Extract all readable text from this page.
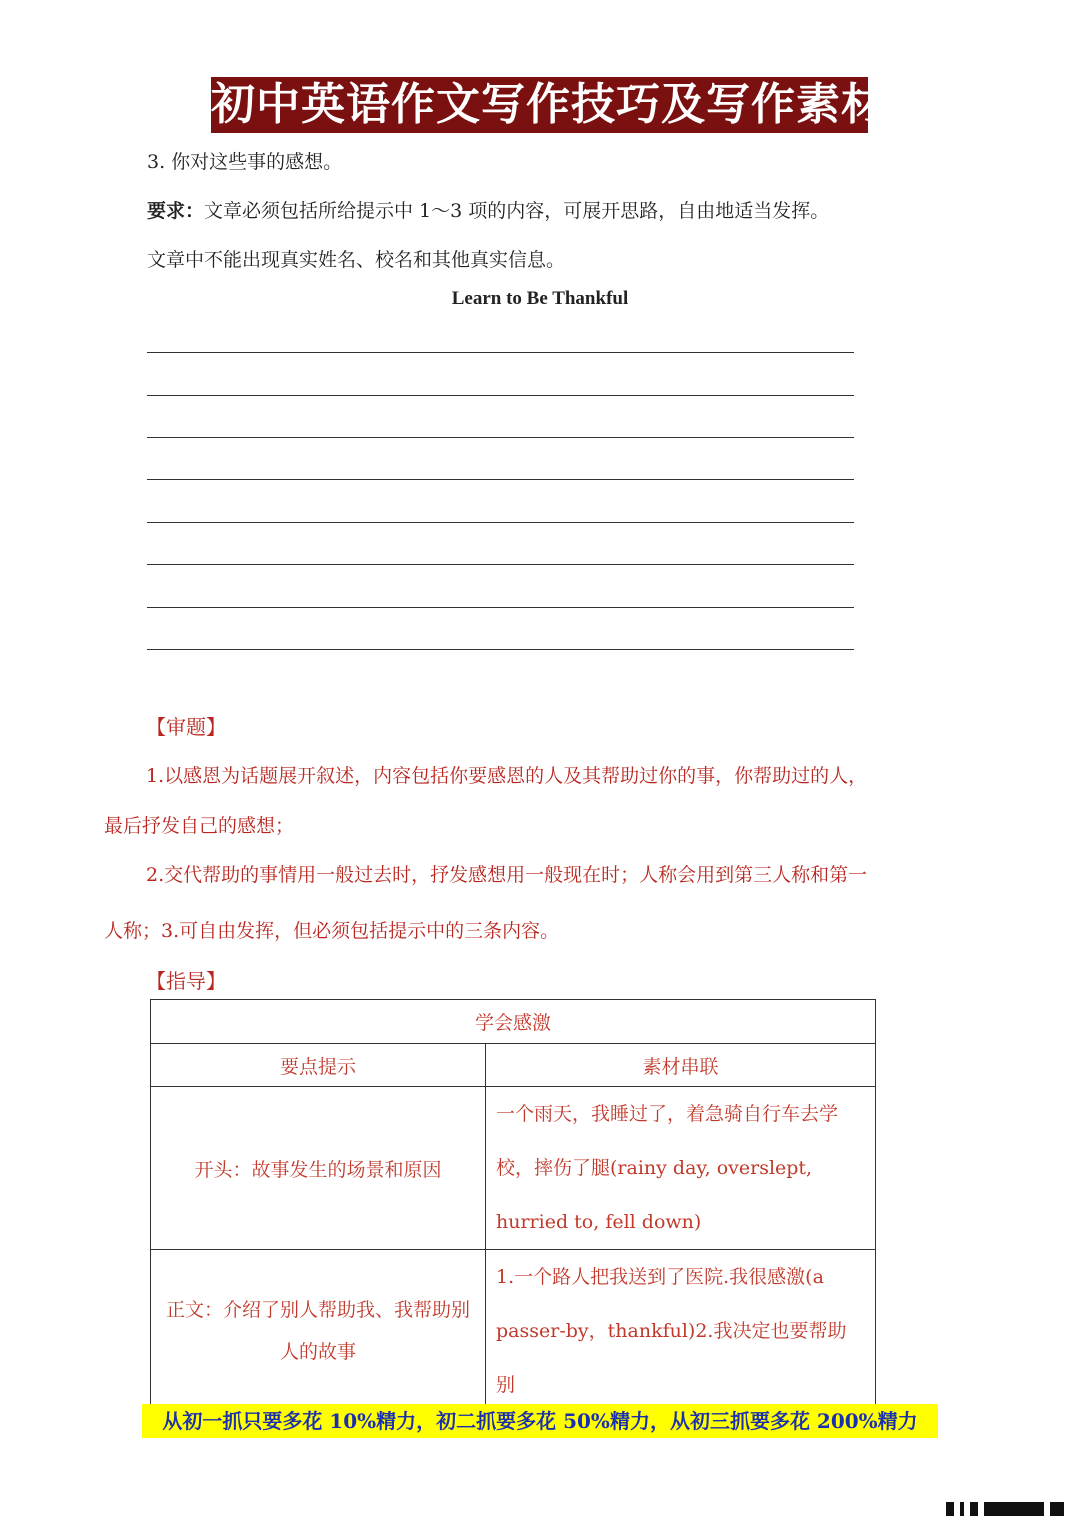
初中英语作文写作技巧及写作素材
3. 你对这些事的感想。
要求：文章必须包括所给提示中 1～3 项的内容，可展开思路，自由地适当发挥。
文章中不能出现真实姓名、校名和其他真实信息。
Learn to Be Thankful
【审题】
1.以感恩为话题展开叙述，内容包括你要感恩的人及其帮助过你的事，你帮助过的人，
最后抒发自己的感想；
2.交代帮助的事情用一般过去时，抒发感想用一般现在时；人称会用到第三人称和第一
人称；3.可自由发挥，但必须包括提示中的三条内容。
【指导】
学会感激	
要点提示	素材串联
开头：故事发生的场景和原因	一个雨天，我睡过了，着急骑自行车去学校，摔伤了腿(rainy day, overslept, hurried to, fell down)
正文：介绍了别人帮助我、我帮助别人的故事	1.一个路人把我送到了医院.我很感激(a passer-by，thankful)2.我决定也要帮助别
从初一抓只要多花 10%精力，初二抓要多花 50%精力，从初三抓要多花 200%精力
